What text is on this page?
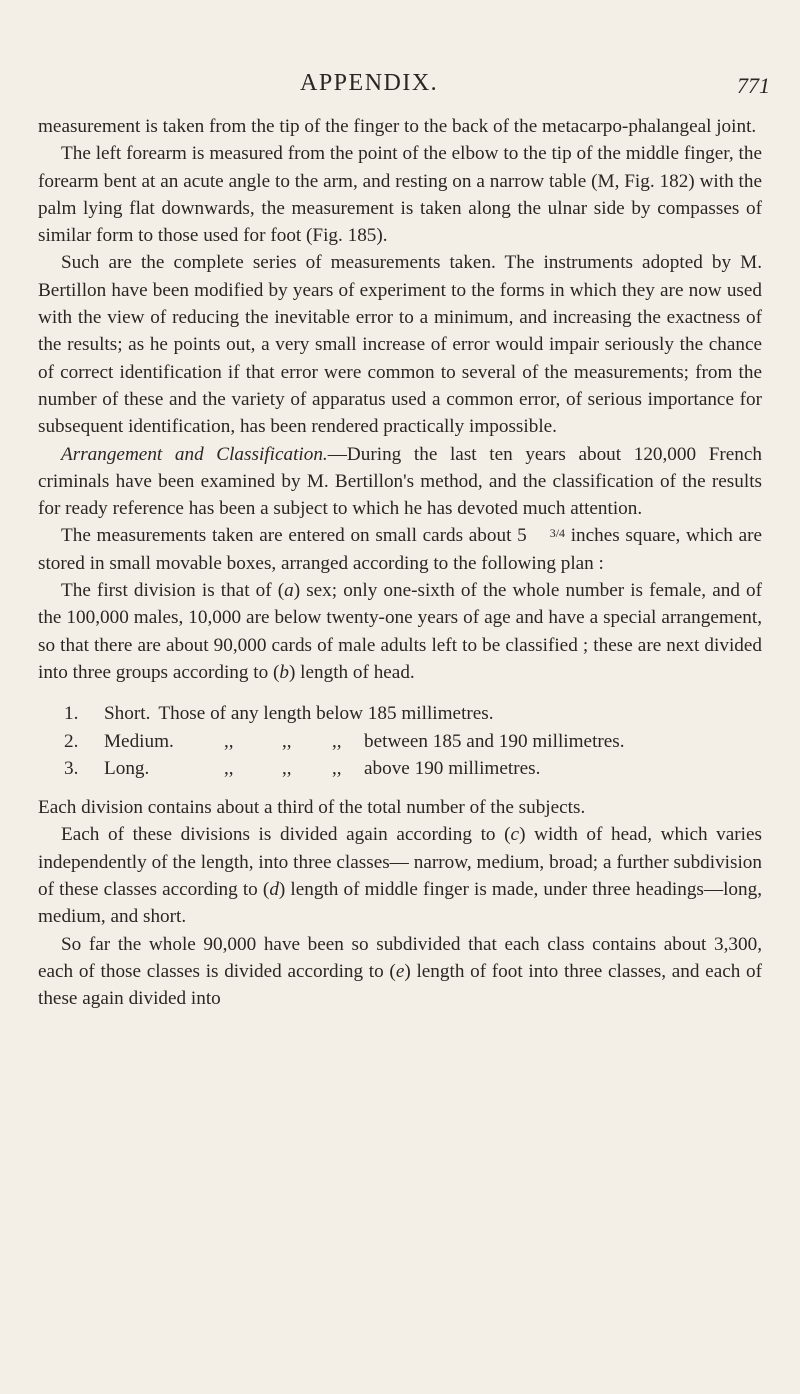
APPENDIX.	771

measurement is taken from the tip of the finger to the back of the metacarpo-phalangeal joint.

The left forearm is measured from the point of the elbow to the tip of the middle finger, the forearm bent at an acute angle to the arm, and resting on a narrow table (M, Fig. 182) with the palm lying flat downwards, the measurement is taken along the ulnar side by compasses of similar form to those used for foot (Fig. 185).

Such are the complete series of measurements taken. The instruments adopted by M. Bertillon have been modified by years of experiment to the forms in which they are now used with the view of reducing the inevitable error to a minimum, and increasing the exactness of the results; as he points out, a very small increase of error would impair seriously the chance of correct identification if that error were common to several of the measurements; from the number of these and the variety of apparatus used a common error, of serious importance for subsequent identification, has been rendered practically impossible.

Arrangement and Classification.—During the last ten years about 120,000 French criminals have been examined by M. Bertillon's method, and the classification of the results for ready reference has been a subject to which he has devoted much attention.

The measurements taken are entered on small cards about 5 3/4 inches square, which are stored in small movable boxes, arranged according to the following plan :

The first division is that of (a) sex; only one-sixth of the whole number is female, and of the 100,000 males, 10,000 are below twenty-one years of age and have a special arrangement, so that there are about 90,000 cards of male adults left to be classified ; these are next divided into three groups according to (b) length of head.

1.	Short. Those of any length below 185 millimetres.
2.	Medium.	,,	,,	,,	between 185 and 190 millimetres.
3.	Long.	,,	,,	,,	above 190 millimetres.

Each division contains about a third of the total number of the subjects.

Each of these divisions is divided again according to (c) width of head, which varies independently of the length, into three classes— narrow, medium, broad; a further subdivision of these classes according to (d) length of middle finger is made, under three headings—long, medium, and short.

So far the whole 90,000 have been so subdivided that each class contains about 3,300, each of those classes is divided according to (e) length of foot into three classes, and each of these again divided into
